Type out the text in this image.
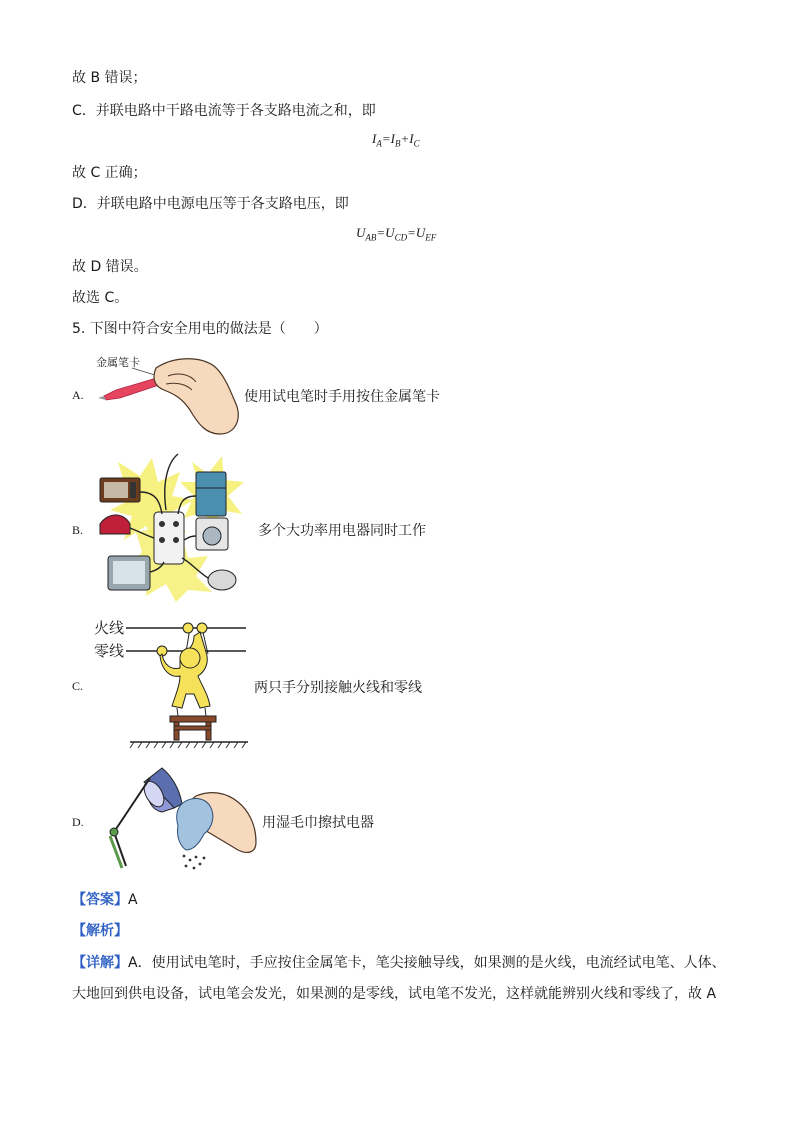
故 B 错误；
C．并联电路中干路电流等于各支路电流之和，即
$I_A=I_B+I_C$
故 C 正确；
D．并联电路中电源电压等于各支路电压，即
$U_{AB}=U_{CD}=U_{EF}$
故 D 错误。
故选 C。
5. 下图中符合安全用电的做法是（　　）
A.
金属笔卡
使用试电笔时手用按住金属笔卡
B.	多个大功率用电器同时工作
C.
火线
零线
两只手分别接触火线和零线
D.	用湿毛巾擦拭电器
【答案】A
【解析】
【详解】A．使用试电笔时，手应按住金属笔卡，笔尖接触导线，如果测的是火线，电流经试电笔、人体、
大地回到供电设备，试电笔会发光，如果测的是零线，试电笔不发光，这样就能辨别火线和零线了，故 A
